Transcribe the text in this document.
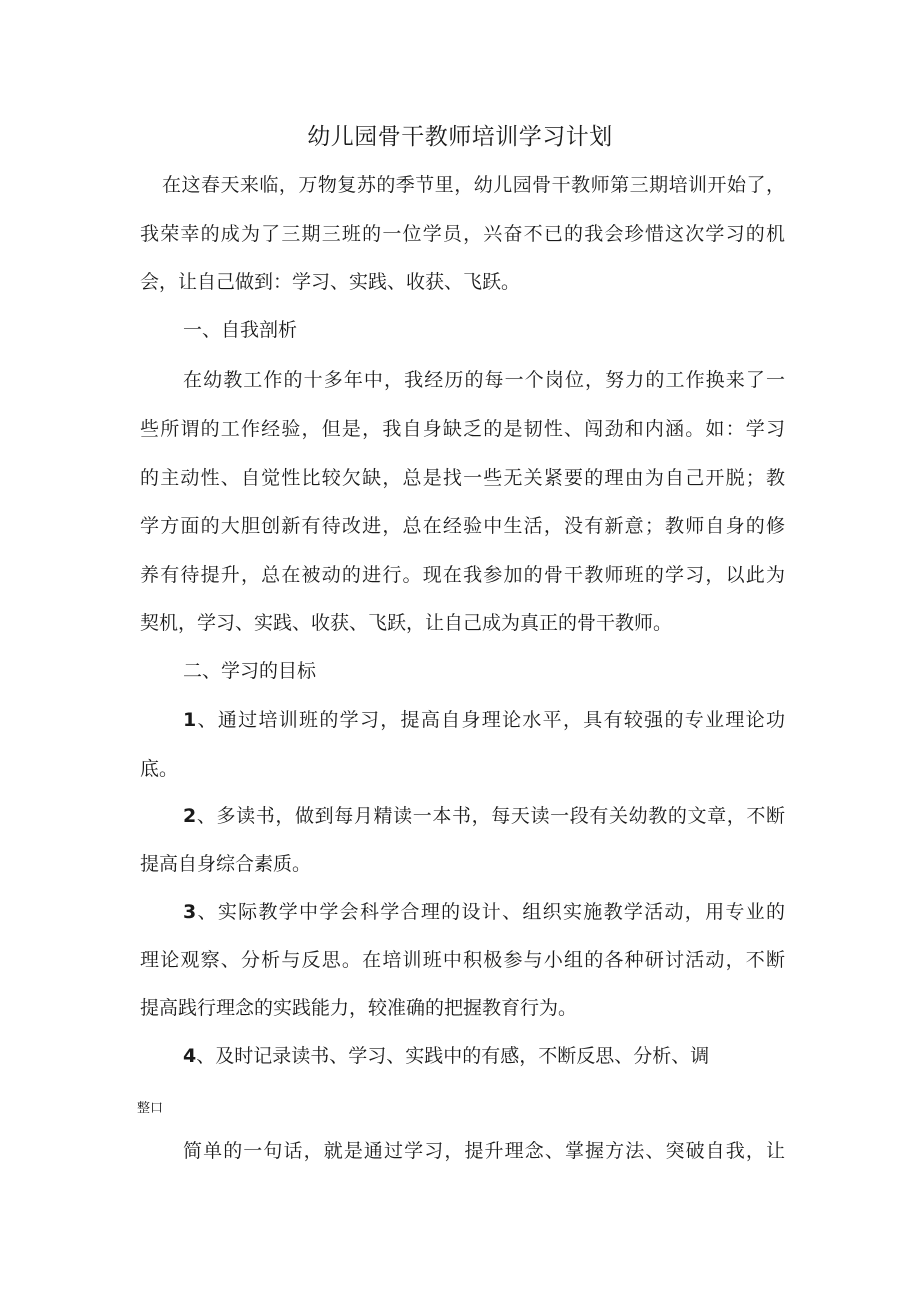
幼儿园骨干教师培训学习计划
在这春天来临，万物复苏的季节里，幼儿园骨干教师第三期培训开始了，
我荣幸的成为了三期三班的一位学员，兴奋不已的我会珍惜这次学习的机
会，让自己做到：学习、实践、收获、飞跃。
一、自我剖析
在幼教工作的十多年中，我经历的每一个岗位，努力的工作换来了一
些所谓的工作经验，但是，我自身缺乏的是韧性、闯劲和内涵。如：学习
的主动性、自觉性比较欠缺，总是找一些无关紧要的理由为自己开脱；教
学方面的大胆创新有待改进，总在经验中生活，没有新意；教师自身的修
养有待提升，总在被动的进行。现在我参加的骨干教师班的学习，以此为
契机，学习、实践、收获、飞跃，让自己成为真正的骨干教师。
二、学习的目标
1、通过培训班的学习，提高自身理论水平，具有较强的专业理论功
底。
2、多读书，做到每月精读一本书，每天读一段有关幼教的文章，不断
提高自身综合素质。
3、实际教学中学会科学合理的设计、组织实施教学活动，用专业的
理论观察、分析与反思。在培训班中积极参与小组的各种研讨活动，不断
提高践行理念的实践能力，较准确的把握教育行为。
4、及时记录读书、学习、实践中的有感，不断反思、分析、调
整口
简单的一句话，就是通过学习，提升理念、掌握方法、突破自我，让
